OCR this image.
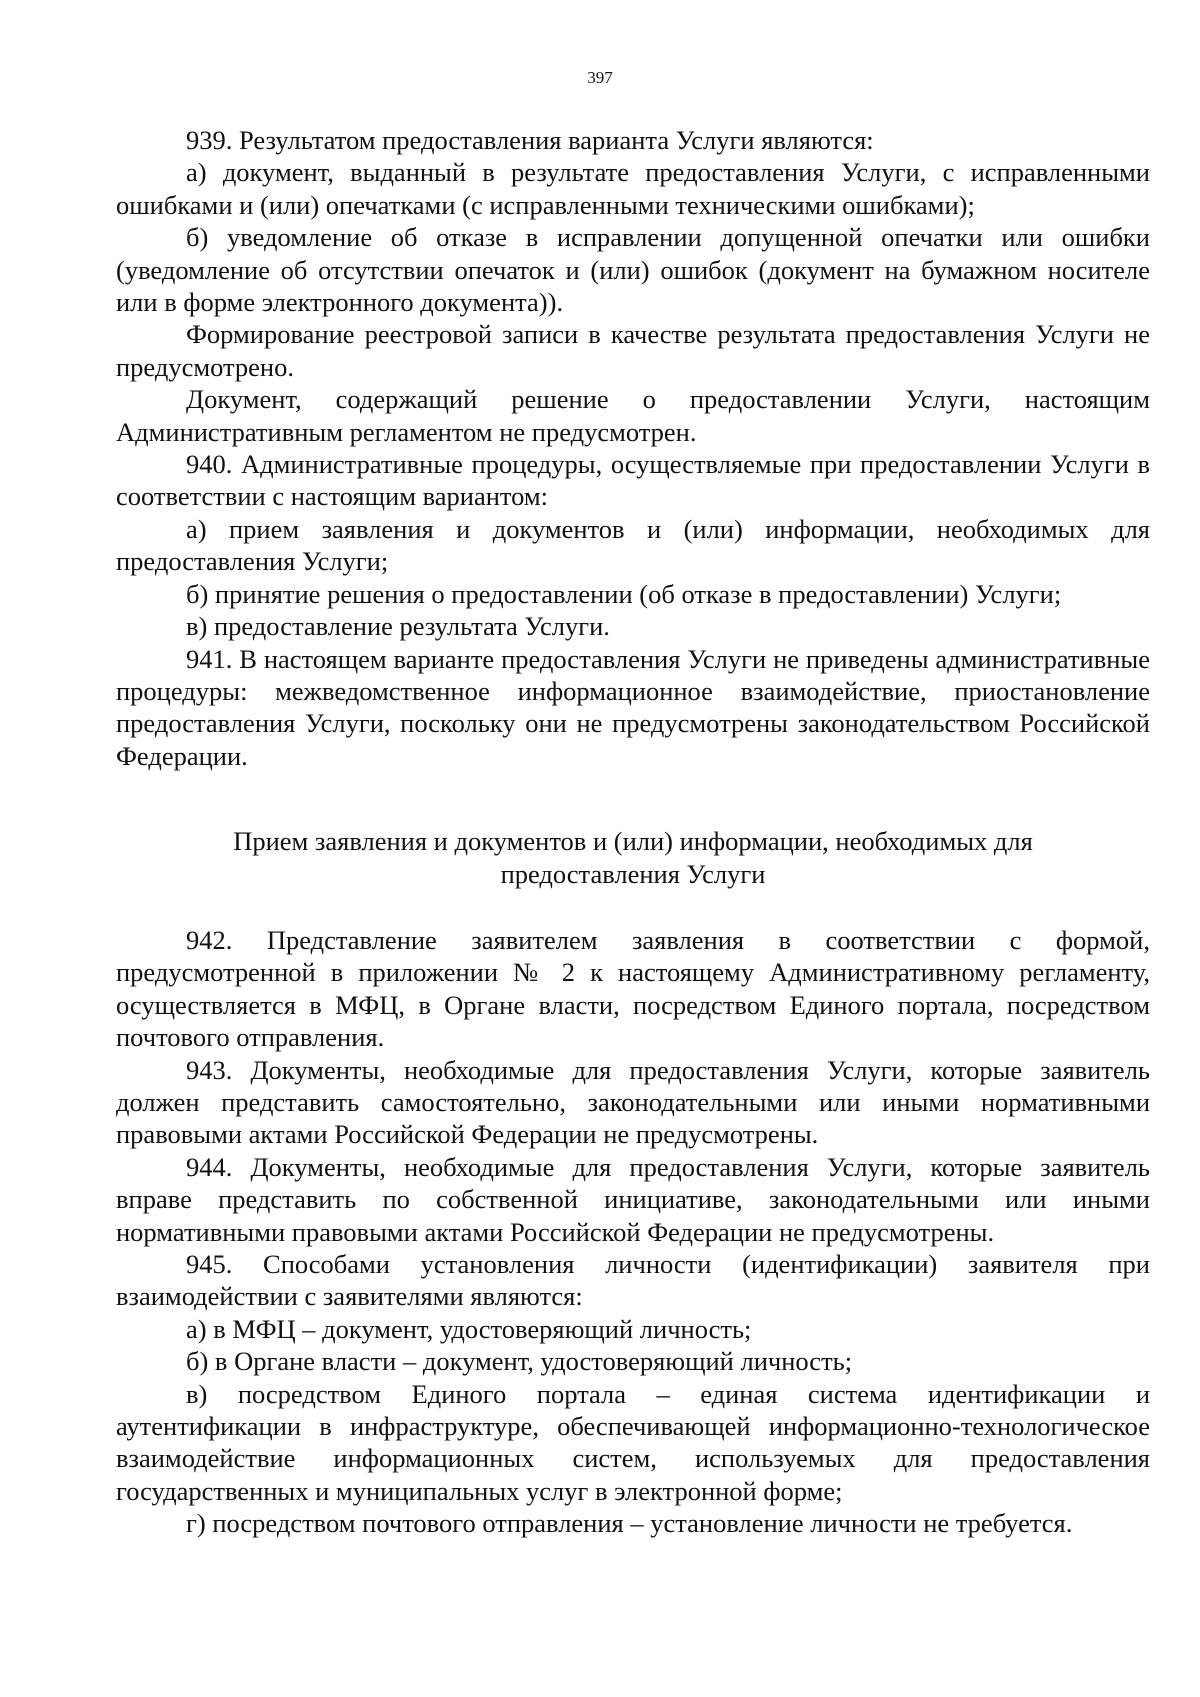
397

939. Результатом предоставления варианта Услуги являются:

а) документ, выданный в результате предоставления Услуги, с исправленными ошибками и (или) опечатками (с исправленными техническими ошибками);

б) уведомление об отказе в исправлении допущенной опечатки или ошибки (уведомление об отсутствии опечаток и (или) ошибок (документ на бумажном носителе или в форме электронного документа)).

Формирование реестровой записи в качестве результата предоставления Услуги не предусмотрено.

Документ, содержащий решение о предоставлении Услуги, настоящим Административным регламентом не предусмотрен.

940. Административные процедуры, осуществляемые при предоставлении Услуги в соответствии с настоящим вариантом:

а) прием заявления и документов и (или) информации, необходимых для предоставления Услуги;

б) принятие решения о предоставлении (об отказе в предоставлении) Услуги;

в) предоставление результата Услуги.

941. В настоящем варианте предоставления Услуги не приведены административные процедуры: межведомственное информационное взаимодействие, приостановление предоставления Услуги, поскольку они не предусмотрены законодательством Российской Федерации.

Прием заявления и документов и (или) информации, необходимых для
предоставления Услуги

942. Представление заявителем заявления в соответствии с формой, предусмотренной в приложении № 2 к настоящему Административному регламенту, осуществляется в МФЦ, в Органе власти, посредством Единого портала, посредством почтового отправления.

943. Документы, необходимые для предоставления Услуги, которые заявитель должен представить самостоятельно, законодательными или иными нормативными правовыми актами Российской Федерации не предусмотрены.

944. Документы, необходимые для предоставления Услуги, которые заявитель вправе представить по собственной инициативе, законодательными или иными нормативными правовыми актами Российской Федерации не предусмотрены.

945. Способами установления личности (идентификации) заявителя при взаимодействии с заявителями являются:

а) в МФЦ – документ, удостоверяющий личность;

б) в Органе власти – документ, удостоверяющий личность;

в) посредством Единого портала – единая система идентификации и аутентификации в инфраструктуре, обеспечивающей информационно-технологическое взаимодействие информационных систем, используемых для предоставления государственных и муниципальных услуг в электронной форме;

г) посредством почтового отправления – установление личности не требуется.
